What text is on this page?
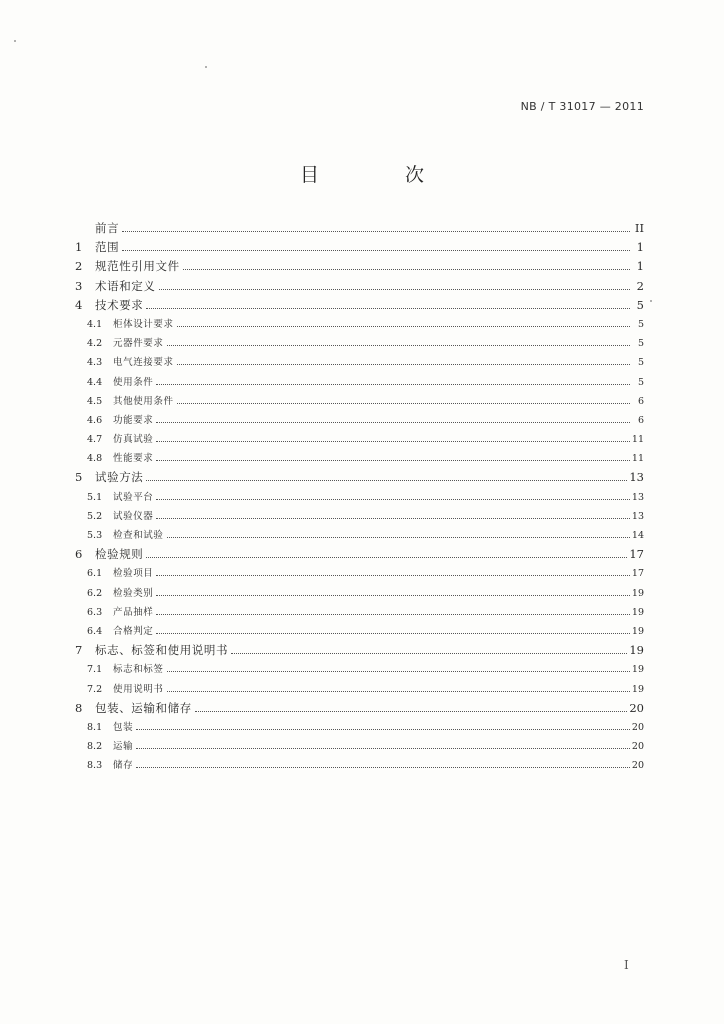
NB / T 31017 — 2011
目 次
前言	II
1	范围	1
2	规范性引用文件	1
3	术语和定义	2
4	技术要求	5
4.1	柜体设计要求	5
4.2	元器件要求	5
4.3	电气连接要求	5
4.4	使用条件	5
4.5	其他使用条件	6
4.6	功能要求	6
4.7	仿真试验	11
4.8	性能要求	11
5	试验方法	13
5.1	试验平台	13
5.2	试验仪器	13
5.3	检查和试验	14
6	检验规则	17
6.1	检验项目	17
6.2	检验类别	19
6.3	产品抽样	19
6.4	合格判定	19
7	标志、标签和使用说明书	19
7.1	标志和标签	19
7.2	使用说明书	19
8	包装、运输和储存	20
8.1	包装	20
8.2	运输	20
8.3	储存	20
I
